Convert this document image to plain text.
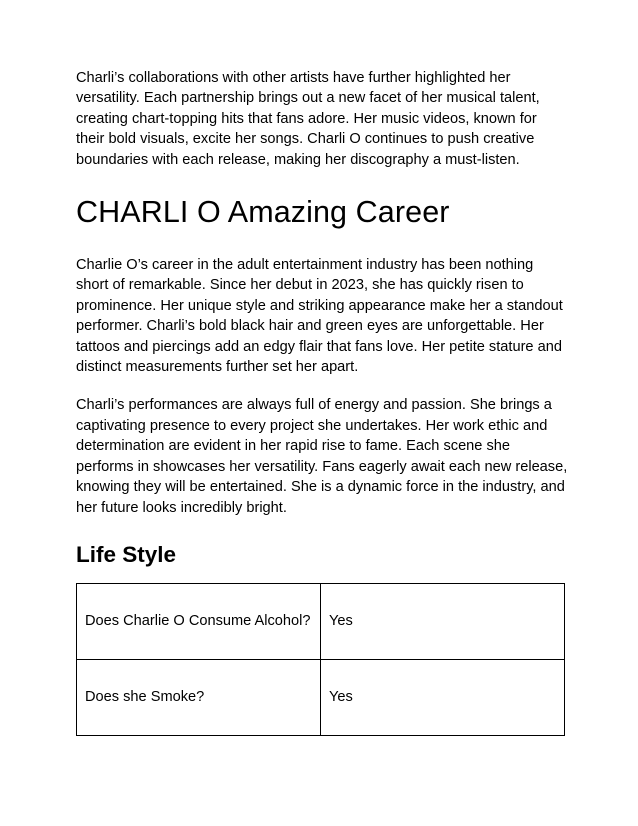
Charli’s collaborations with other artists have further highlighted her versatility. Each partnership brings out a new facet of her musical talent, creating chart-topping hits that fans adore. Her music videos, known for their bold visuals, excite her songs. Charli O continues to push creative boundaries with each release, making her discography a must-listen.

CHARLI O Amazing Career

Charlie O’s career in the adult entertainment industry has been nothing short of remarkable. Since her debut in 2023, she has quickly risen to prominence. Her unique style and striking appearance make her a standout performer. Charli’s bold black hair and green eyes are unforgettable. Her tattoos and piercings add an edgy flair that fans love. Her petite stature and distinct measurements further set her apart.

Charli’s performances are always full of energy and passion. She brings a captivating presence to every project she undertakes. Her work ethic and determination are evident in her rapid rise to fame. Each scene she performs in showcases her versatility. Fans eagerly await each new release, knowing they will be entertained. She is a dynamic force in the industry, and her future looks incredibly bright.

Life Style
Does Charlie O Consume Alcohol?	Yes
Does she Smoke?	Yes
